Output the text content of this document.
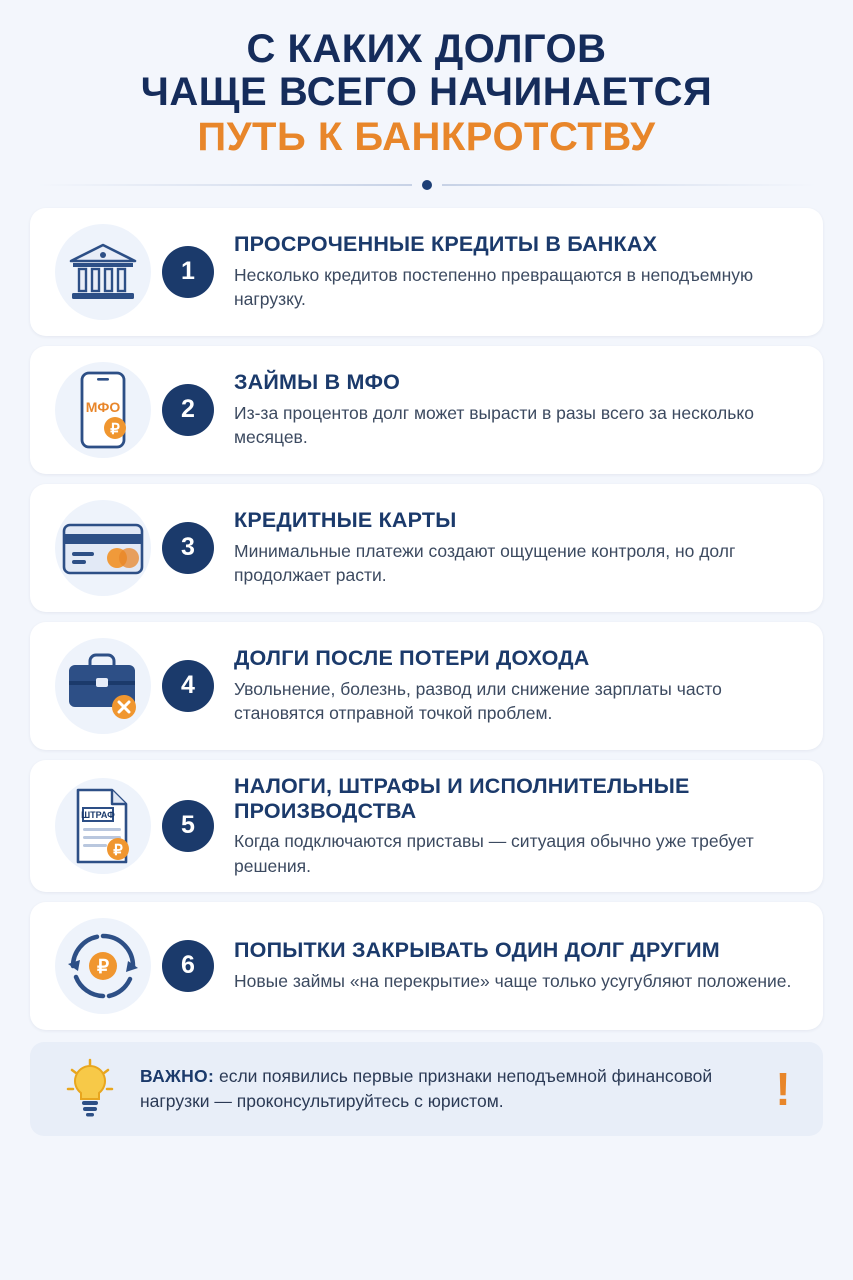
С КАКИХ ДОЛГОВ
ЧАЩЕ ВСЕГО НАЧИНАЕТСЯ
ПУТЬ К БАНКРОТСТВУ
1
ПРОСРОЧЕННЫЕ КРЕДИТЫ В БАНКАХ
Несколько кредитов постепенно превращаются в неподъемную нагрузку.
МФО
₽
2
ЗАЙМЫ В МФО
Из-за процентов долг может вырасти в разы всего за несколько месяцев.
3
КРЕДИТНЫЕ КАРТЫ
Минимальные платежи создают ощущение контроля, но долг продолжает расти.
4
ДОЛГИ ПОСЛЕ ПОТЕРИ ДОХОДА
Увольнение, болезнь, развод или снижение зарплаты часто становятся отправной точкой проблем.
ШТРАФ
₽
5
НАЛОГИ, ШТРАФЫ И ИСПОЛНИТЕЛЬНЫЕ ПРОИЗВОДСТВА
Когда подключаются приставы — ситуация обычно уже требует решения.
₽	6
ПОПЫТКИ ЗАКРЫВАТЬ ОДИН ДОЛГ ДРУГИМ
Новые займы «на перекрытие» чаще только усугубляют положение.
ВАЖНО: если появились первые признаки неподъемной финансовой нагрузки — проконсультируйтесь с юристом.	!
